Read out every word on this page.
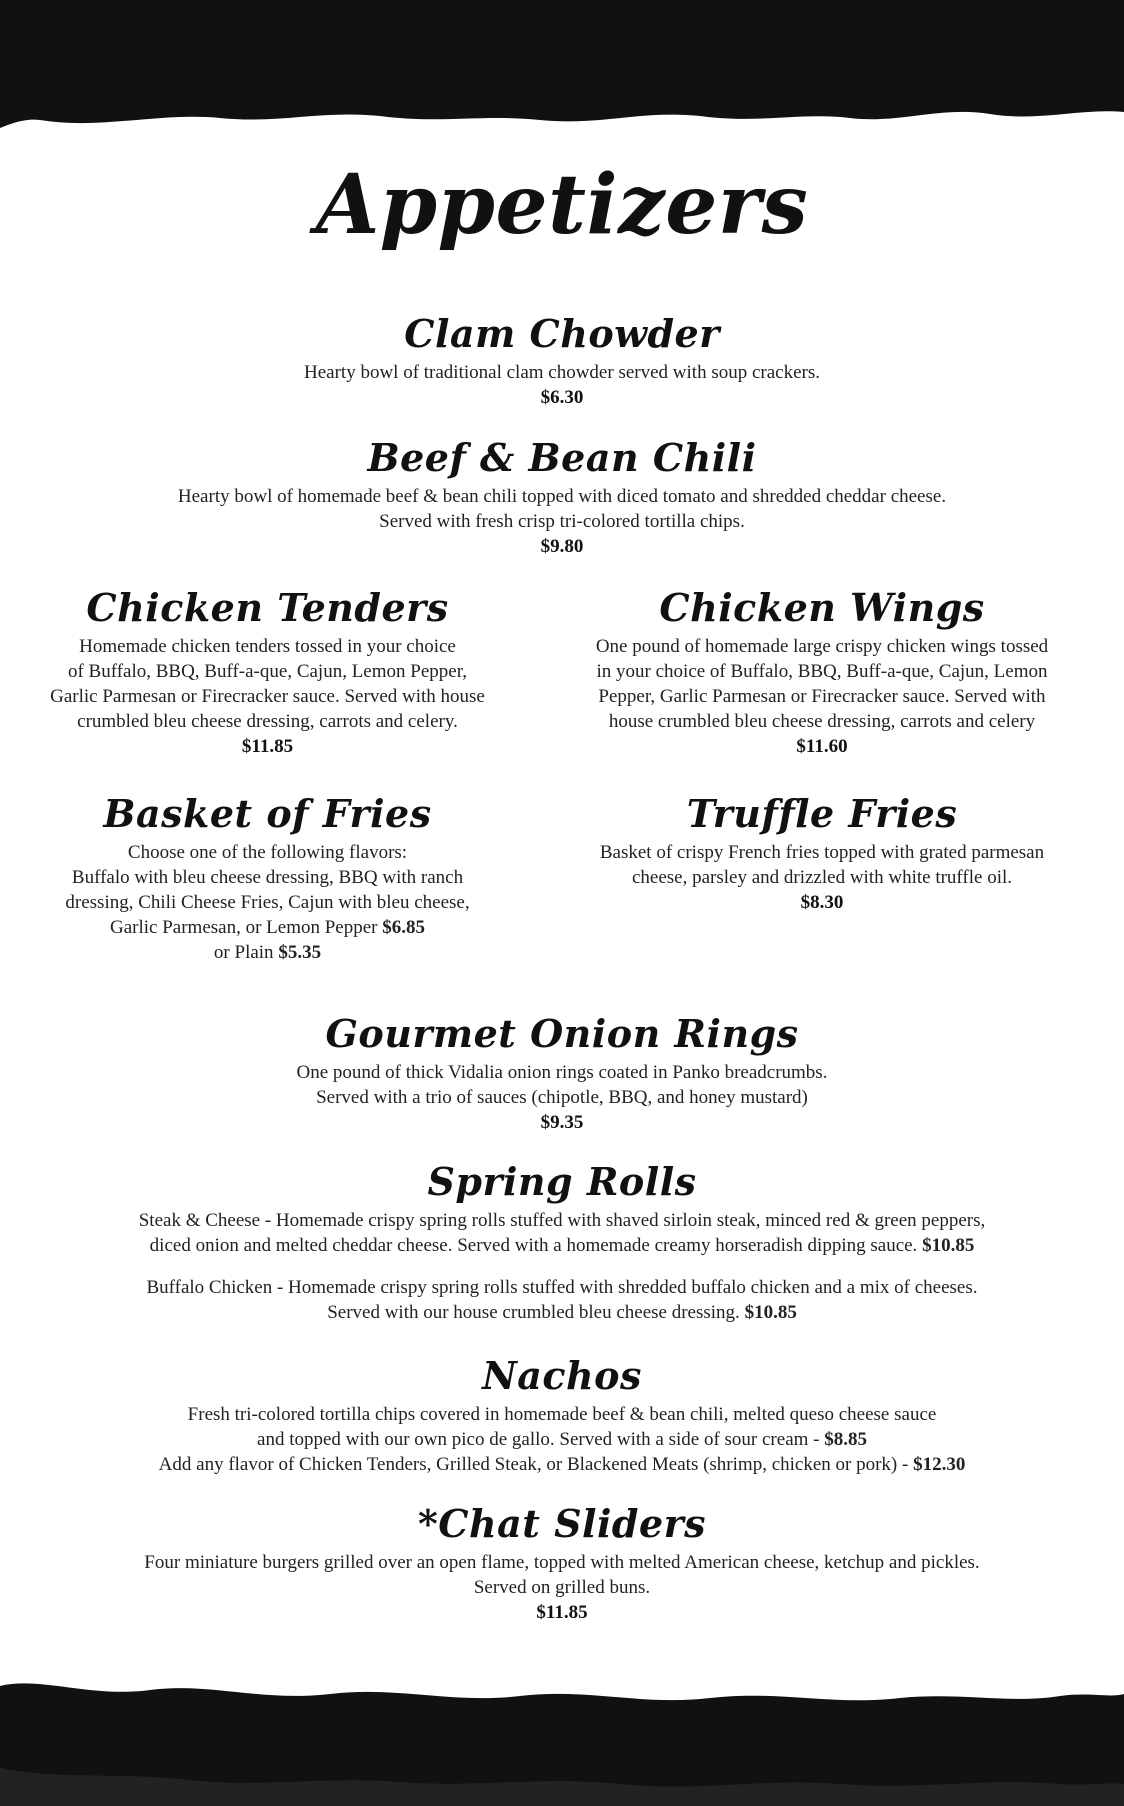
Appetizers
Clam Chowder

Hearty bowl of traditional clam chowder served with soup crackers.

$6.30

Beef & Bean Chili

Hearty bowl of homemade beef & bean chili topped with diced tomato and shredded cheddar cheese.

Served with fresh crisp tri-colored tortilla chips.

$9.80

Chicken Tenders

Homemade chicken tenders tossed in your choice

of Buffalo, BBQ, Buff-a-que, Cajun, Lemon Pepper,

Garlic Parmesan or Firecracker sauce. Served with house

crumbled bleu cheese dressing, carrots and celery.

$11.85

Chicken Wings

One pound of homemade large crispy chicken wings tossed

in your choice of Buffalo, BBQ, Buff-a-que, Cajun, Lemon

Pepper, Garlic Parmesan or Firecracker sauce. Served with

house crumbled bleu cheese dressing, carrots and celery

$11.60

Basket of Fries

Choose one of the following flavors:

Buffalo with bleu cheese dressing, BBQ with ranch

dressing, Chili Cheese Fries, Cajun with bleu cheese,

Garlic Parmesan, or Lemon Pepper $6.85

or Plain $5.35

Truffle Fries

Basket of crispy French fries topped with grated parmesan

cheese, parsley and drizzled with white truffle oil.

$8.30

Gourmet Onion Rings

One pound of thick Vidalia onion rings coated in Panko breadcrumbs.

Served with a trio of sauces (chipotle, BBQ, and honey mustard)

$9.35

Spring Rolls

Steak & Cheese - Homemade crispy spring rolls stuffed with shaved sirloin steak, minced red & green peppers,

diced onion and melted cheddar cheese. Served with a homemade creamy horseradish dipping sauce. $10.85

Buffalo Chicken - Homemade crispy spring rolls stuffed with shredded buffalo chicken and a mix of cheeses.

Served with our house crumbled bleu cheese dressing. $10.85

Nachos

Fresh tri-colored tortilla chips covered in homemade beef & bean chili, melted queso cheese sauce

and topped with our own pico de gallo. Served with a side of sour cream - $8.85

Add any flavor of Chicken Tenders, Grilled Steak, or Blackened Meats (shrimp, chicken or pork) - $12.30

*Chat Sliders

Four miniature burgers grilled over an open flame, topped with melted American cheese, ketchup and pickles.

Served on grilled buns.

$11.85
